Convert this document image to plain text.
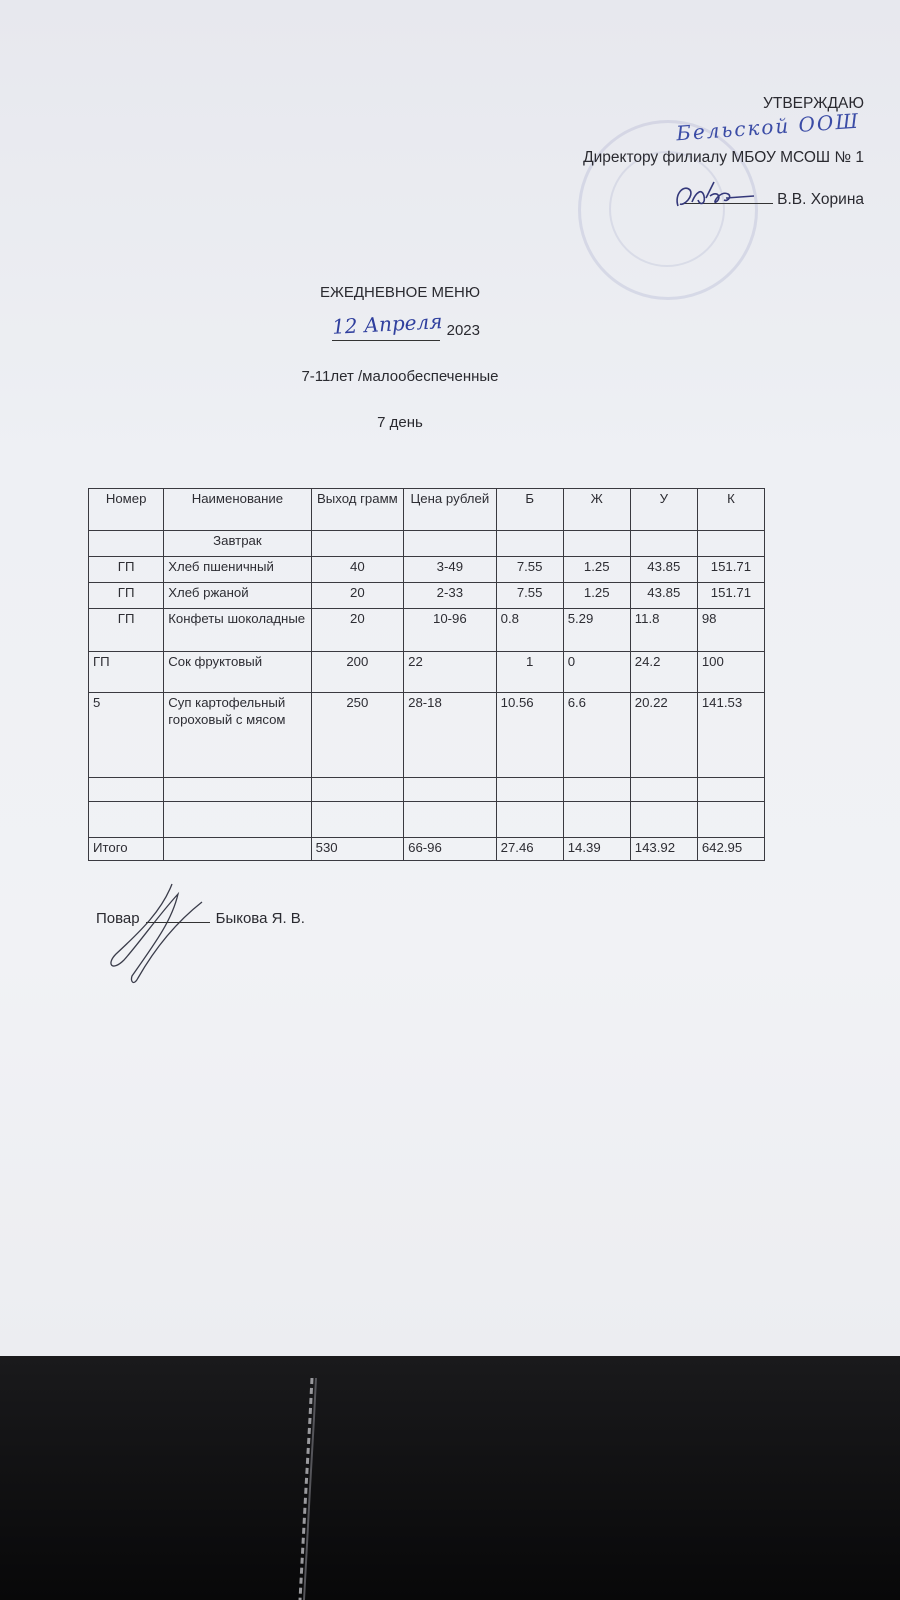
УТВЕРЖДАЮ
Бельской ООШ
Директору филиалу МБОУ МСОШ № 1
В.В. Хорина
ЕЖЕДНЕВНОЕ МЕНЮ
12 Апреля 2023
7-11лет /малообеспеченные
7 день
Номер	Наименование	Выход грамм	Цена рублей	Б	Ж	У	К
	Завтрак						
ГП	Хлеб пшеничный	40	3-49	7.55	1.25	43.85	151.71
ГП	Хлеб ржаной	20	2-33	7.55	1.25	43.85	151.71
ГП	Конфеты шоколадные	20	10-96	0.8	5.29	11.8	98
ГП	Сок фруктовый	200	22	1	0	24.2	100
5	Суп картофельный гороховый с мясом	250	28-18	10.56	6.6	20.22	141.53

Итого		530	66-96	27.46	14.39	143.92	642.95
Повар	Быкова Я. В.
